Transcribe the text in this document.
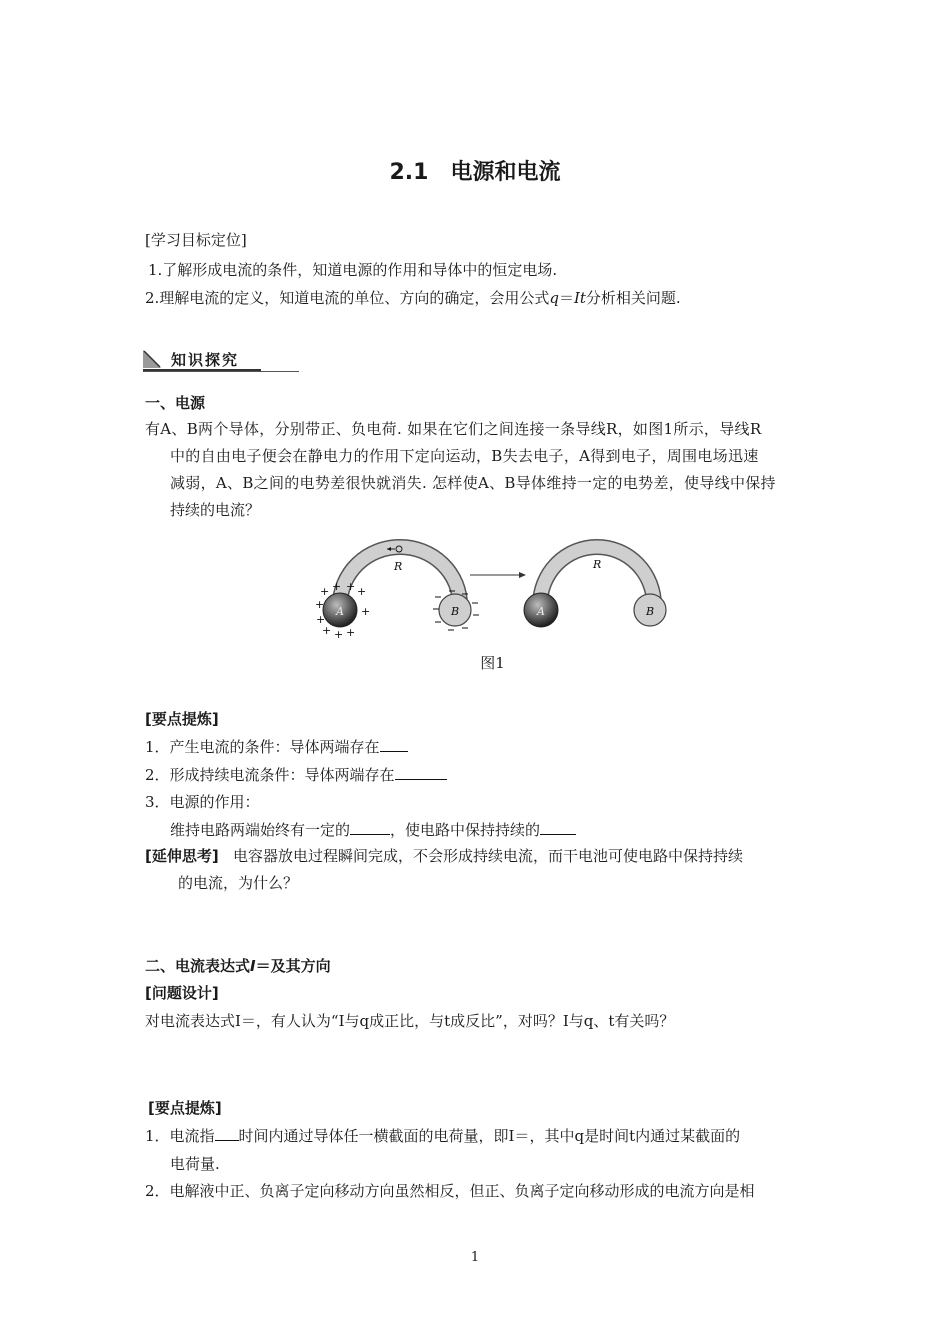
2.1　电源和电流
[学习目标定位]
1.了解形成电流的条件，知道电源的作用和导体中的恒定电场.
2.理解电流的定义，知道电流的单位、方向的确定，会用公式q＝It分析相关问题.
知识探究
一、电源
有A、B两个导体，分别带正、负电荷. 如果在它们之间连接一条导线R，如图1所示，导线R
中的自由电子便会在静电力的作用下定向运动，B失去电子，A得到电子，周围电场迅速
减弱，A、B之间的电势差很快就消失. 怎样使A、B导体维持一定的电势差，使导线中保持
持续的电流？
+ + + +
+
+
+
+ + +
R
A	B
R
A	B
图1
[要点提炼]
1．产生电流的条件：导体两端存在
2．形成持续电流条件：导体两端存在
3．电源的作用：
维持电路两端始终有一定的	，使电路中保持持续的
[延伸思考] 电容器放电过程瞬间完成，不会形成持续电流，而干电池可使电路中保持持续
的电流，为什么？
二、电流表达式I＝及其方向
[问题设计]
对电流表达式I＝，有人认为“I与q成正比，与t成反比”，对吗？I与q、t有关吗？
[要点提炼]
1．电流指 时间内通过导体任一横截面的电荷量，即I＝，其中q是时间t内通过某截面的
电荷量.
2．电解液中正、负离子定向移动方向虽然相反，但正、负离子定向移动形成的电流方向是相
1
